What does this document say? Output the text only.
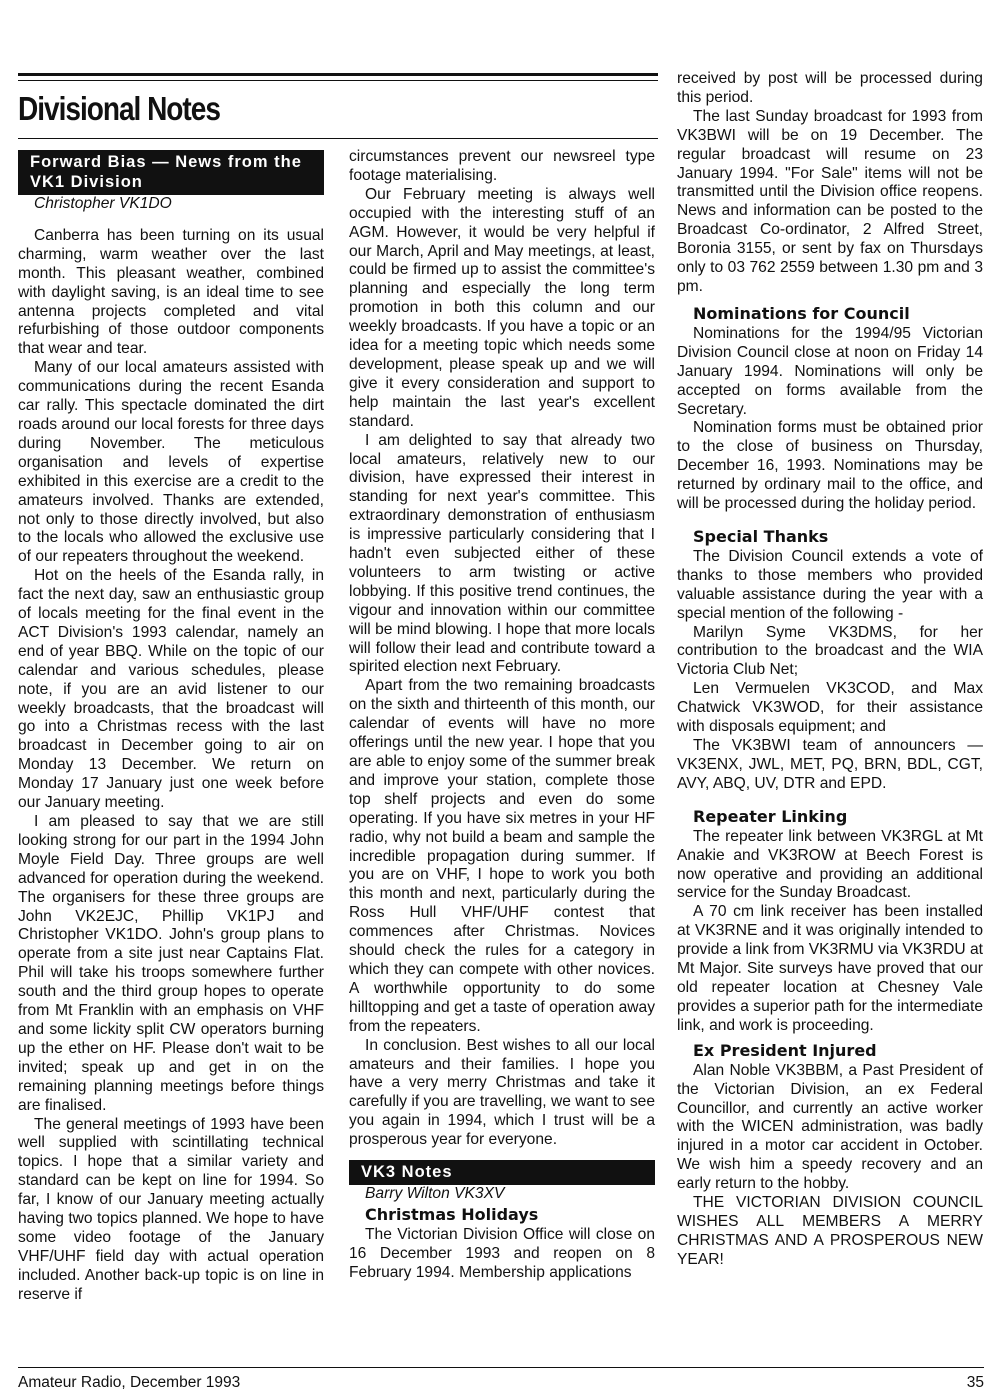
Divisional Notes
Forward Bias — News from the VK1 Division

Christopher VK1DO

Canberra has been turning on its usual charming, warm weather over the last month. This pleasant weather, combined with daylight saving, is an ideal time to see antenna projects completed and vital refurbishing of those outdoor components that wear and tear.

Many of our local amateurs assisted with communications during the recent Esanda car rally. This spectacle dominated the dirt roads around our local forests for three days during November. The meticulous organisation and levels of expertise exhibited in this exercise are a credit to the amateurs involved. Thanks are extended, not only to those directly involved, but also to the locals who allowed the exclusive use of our repeaters throughout the weekend.

Hot on the heels of the Esanda rally, in fact the next day, saw an enthusiastic group of locals meeting for the final event in the ACT Division's 1993 calendar, namely an end of year BBQ. While on the topic of our calendar and various schedules, please note, if you are an avid listener to our weekly broadcasts, that the broadcast will go into a Christmas recess with the last broadcast in December going to air on Monday 13 December. We return on Monday 17 January just one week before our January meeting.

I am pleased to say that we are still looking strong for our part in the 1994 John Moyle Field Day. Three groups are well advanced for operation during the weekend. The organisers for these three groups are John VK2EJC, Phillip VK1PJ and Christopher VK1DO. John's group plans to operate from a site just near Captains Flat. Phil will take his troops somewhere further south and the third group hopes to operate from Mt Franklin with an emphasis on VHF and some lickity split CW operators burning up the ether on HF. Please don't wait to be invited; speak up and get in on the remaining planning meetings before things are finalised.

The general meetings of 1993 have been well supplied with scintillating technical topics. I hope that a similar variety and standard can be kept on line for 1994. So far, I know of our January meeting actually having two topics planned. We hope to have some video footage of the January VHF/UHF field day with actual operation included. Another back-up topic is on line in reserve if

circumstances prevent our newsreel type footage materialising.

Our February meeting is always well occupied with the interesting stuff of an AGM. However, it would be very helpful if our March, April and May meetings, at least, could be firmed up to assist the committee's planning and especially the long term promotion in both this column and our weekly broadcasts. If you have a topic or an idea for a meeting topic which needs some development, please speak up and we will give it every consideration and support to help maintain the last year's excellent standard.

I am delighted to say that already two local amateurs, relatively new to our division, have expressed their interest in standing for next year's committee. This extraordinary demonstration of enthusiasm is impressive particularly considering that I hadn't even subjected either of these volunteers to arm twisting or active lobbying. If this positive trend continues, the vigour and innovation within our committee will be mind blowing. I hope that more locals will follow their lead and contribute toward a spirited election next February.

Apart from the two remaining broadcasts on the sixth and thirteenth of this month, our calendar of events will have no more offerings until the new year. I hope that you are able to enjoy some of the summer break and improve your station, complete those top shelf projects and even do some operating. If you have six metres in your HF radio, why not build a beam and sample the incredible propagation during summer. If you are on VHF, I hope to work you both this month and next, particularly during the Ross Hull VHF/UHF contest that commences after Christmas. Novices should check the rules for a category in which they can compete with other novices. A worthwhile opportunity to do some hilltopping and get a taste of operation away from the repeaters.

In conclusion. Best wishes to all our local amateurs and their families. I hope you have a very merry Christmas and take it carefully if you are travelling, we want to see you again in 1994, which I trust will be a prosperous year for everyone.

VK3 Notes

Barry Wilton VK3XV

Christmas Holidays

The Victorian Division Office will close on 16 December 1993 and reopen on 8 February 1994. Membership applications

received by post will be processed during this period.

The last Sunday broadcast for 1993 from VK3BWI will be on 19 December. The regular broadcast will resume on 23 January 1994. "For Sale" items will not be transmitted until the Division office reopens. News and information can be posted to the Broadcast Co-ordinator, 2 Alfred Street, Boronia 3155, or sent by fax on Thursdays only to 03 762 2559 between 1.30 pm and 3 pm.

Nominations for Council

Nominations for the 1994/95 Victorian Division Council close at noon on Friday 14 January 1994. Nominations will only be accepted on forms available from the Secretary.

Nomination forms must be obtained prior to the close of business on Thursday, December 16, 1993. Nominations may be returned by ordinary mail to the office, and will be processed during the holiday period.

Special Thanks

The Division Council extends a vote of thanks to those members who provided valuable assistance during the year with a special mention of the following -

Marilyn Syme VK3DMS, for her contribution to the broadcast and the WIA Victoria Club Net;

Len Vermuelen VK3COD, and Max Chatwick VK3WOD, for their assistance with disposals equipment; and

The VK3BWI team of announcers — VK3ENX, JWL, MET, PQ, BRN, BDL, CGT, AVY, ABQ, UV, DTR and EPD.

Repeater Linking

The repeater link between VK3RGL at Mt Anakie and VK3ROW at Beech Forest is now operative and providing an additional service for the Sunday Broadcast.

A 70 cm link receiver has been installed at VK3RNE and it was originally intended to provide a link from VK3RMU via VK3RDU at Mt Major. Site surveys have proved that our old repeater location at Chesney Vale provides a superior path for the intermediate link, and work is proceeding.

Ex President Injured

Alan Noble VK3BBM, a Past President of the Victorian Division, an ex Federal Councillor, and currently an active worker with the WICEN administration, was badly injured in a motor car accident in October. We wish him a speedy recovery and an early return to the hobby.

THE VICTORIAN DIVISION COUNCIL WISHES ALL MEMBERS A MERRY CHRISTMAS AND A PROSPEROUS NEW YEAR!

Amateur Radio, December 1993	35
